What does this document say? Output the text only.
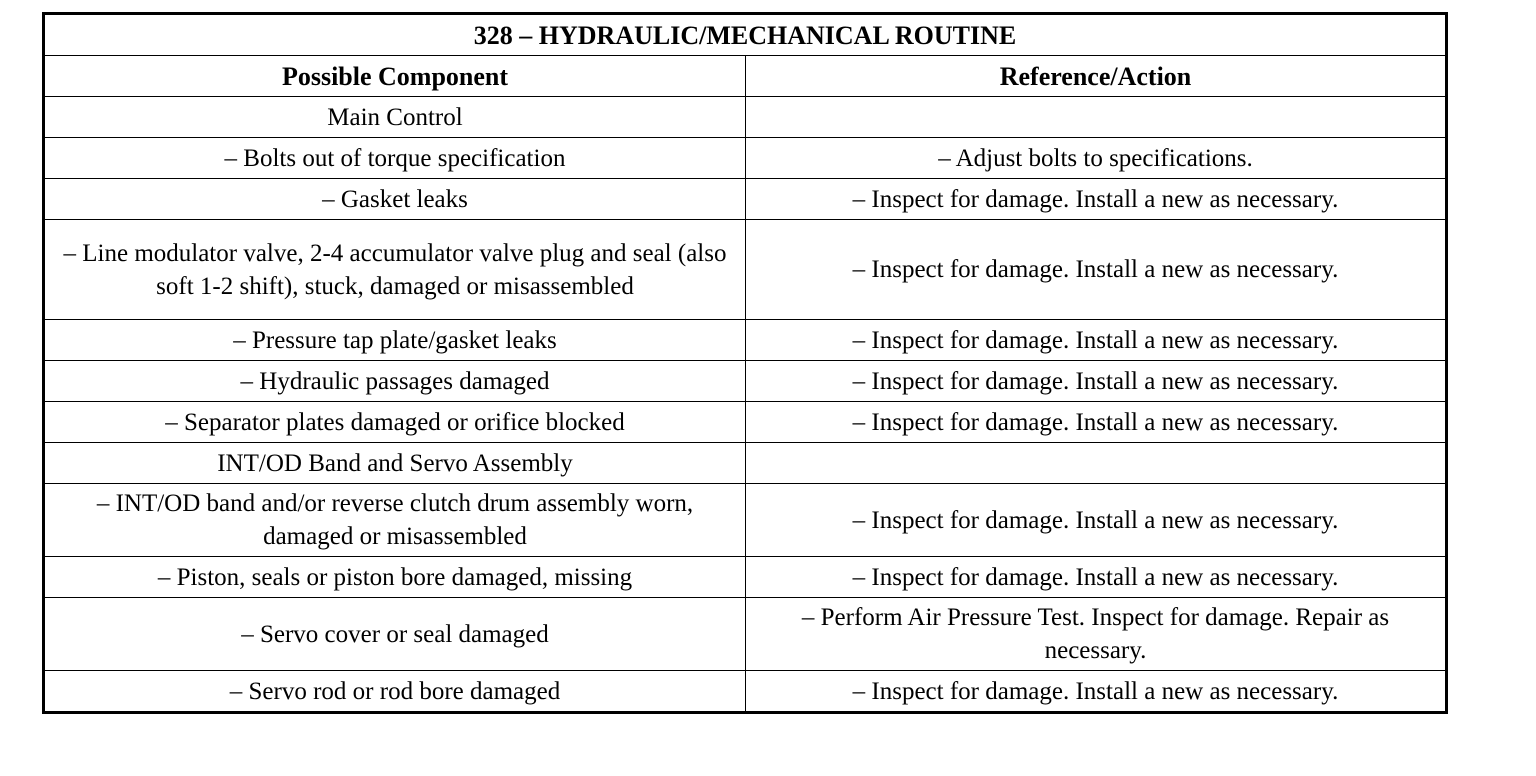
328 – HYDRAULIC/MECHANICAL ROUTINE	
Possible Component	Reference/Action
Main Control	
– Bolts out of torque specification	– Adjust bolts to specifications.
– Gasket leaks	– Inspect for damage. Install a new as necessary.
– Line modulator valve, 2-4 accumulator valve plug and seal (also soft 1-2 shift), stuck, damaged or misassembled	– Inspect for damage. Install a new as necessary.
– Pressure tap plate/gasket leaks	– Inspect for damage. Install a new as necessary.
– Hydraulic passages damaged	– Inspect for damage. Install a new as necessary.
– Separator plates damaged or orifice blocked	– Inspect for damage. Install a new as necessary.
INT/OD Band and Servo Assembly	
– INT/OD band and/or reverse clutch drum assembly worn, damaged or misassembled	– Inspect for damage. Install a new as necessary.
– Piston, seals or piston bore damaged, missing	– Inspect for damage. Install a new as necessary.
– Servo cover or seal damaged	– Perform Air Pressure Test. Inspect for damage. Repair as necessary.
– Servo rod or rod bore damaged	– Inspect for damage. Install a new as necessary.
